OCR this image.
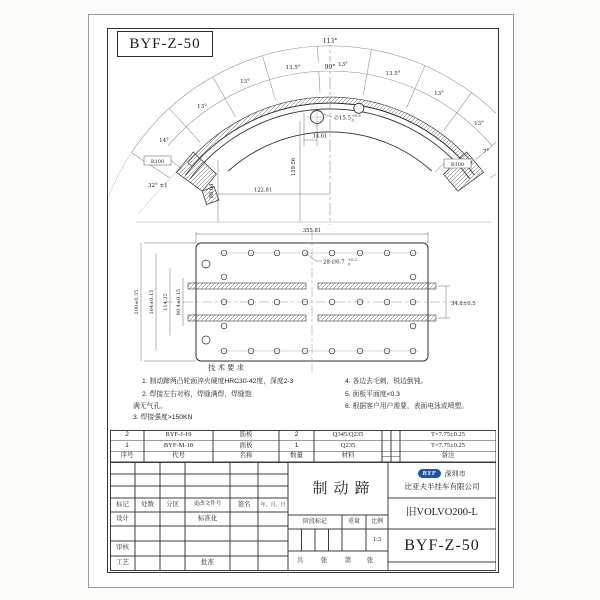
BYF-Z-50	113°
99°
14°
13°
13°
13.5°	13°
13.5°
13°
13°
7°
∅15.5 +0.3
0
14.61
159.56
98.04	122.81
32° ±1
R100	R100
355.81
200±0.35 164±0.15 114.22 80.4±0.15	34.8±0.5
28-∅6.7 +0.2
0
技术要求
1. 制动蹄两凸轮面淬火硬度HRC30-42度，深度2-3
2. 焊接左右对称，焊缝满焊，焊缝饱
满无气孔。
3. 焊接强度>150KN
4. 各边去毛刺，锐边倒钝。
5. 面板平面度<0.3
6. 根据客户用户需要，表面电泳或喷塑。
2	BYF-J-19	筋板	2	Q345/Q235	T=7.75±0.25
1	BYF-M-18	面板	1	Q235	T=7.75±0.25
序号	代号	名称	数量	材料	备注
标记	处数	分区	更改文件号	签名	年、月、日
设计	标准化
审核
工艺	批准
制动蹄
阶段标记	重量	比例
1:3
共	张	第	张
旧VOLVO200-L
BYF-Z-50
BYF	深圳市
比亚夫半挂车有限公司
